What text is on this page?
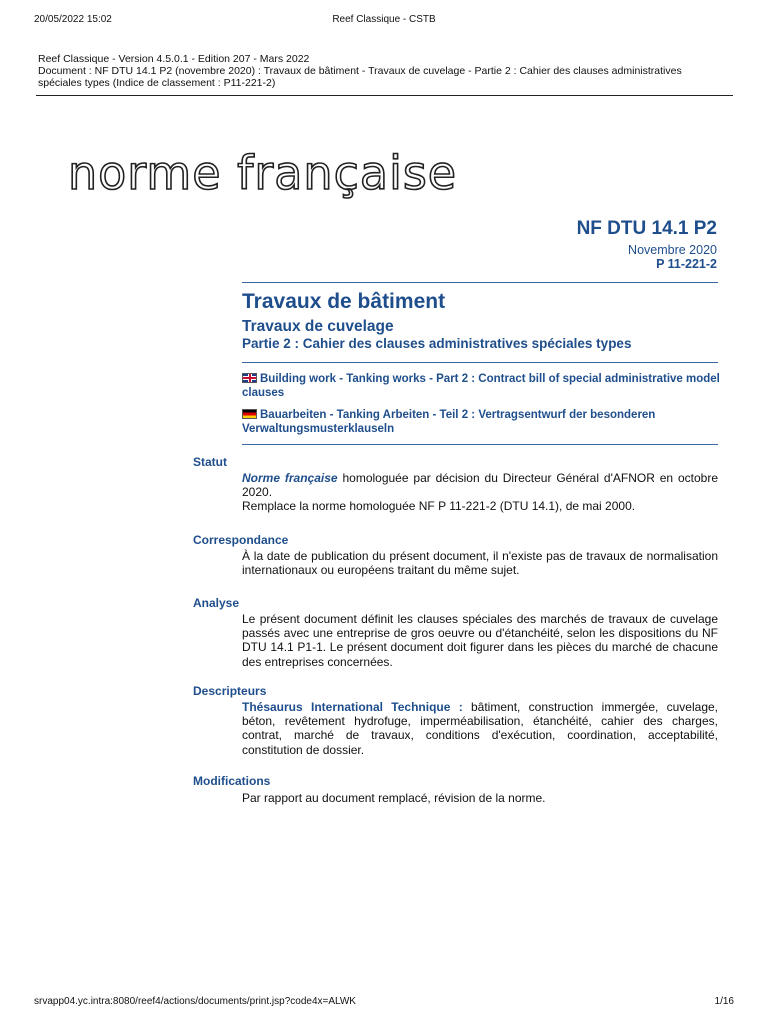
20/05/2022 15:02	Reef Classique - CSTB
Reef Classique - Version 4.5.0.1 - Edition 207 - Mars 2022
Document : NF DTU 14.1 P2 (novembre 2020) : Travaux de bâtiment - Travaux de cuvelage - Partie 2 : Cahier des clauses administratives
spéciales types (Indice de classement : P11-221-2)
norme française
NF DTU 14.1 P2
Novembre 2020
P 11-221-2
Travaux de bâtiment
Travaux de cuvelage
Partie 2 : Cahier des clauses administratives spéciales types
Building work - Tanking works - Part 2 : Contract bill of special administrative model clauses
Bauarbeiten - Tanking Arbeiten - Teil 2 : Vertragsentwurf der besonderen Verwaltungsmusterklauseln
Statut
Norme française homologuée par décision du Directeur Général d'AFNOR en octobre 2020.
Remplace la norme homologuée NF P 11-221-2 (DTU 14.1), de mai 2000.
Correspondance
À la date de publication du présent document, il n'existe pas de travaux de normalisation internationaux ou européens traitant du même sujet.
Analyse
Le présent document définit les clauses spéciales des marchés de travaux de cuvelage passés avec une entreprise de gros oeuvre ou d'étanchéité, selon les dispositions du NF DTU 14.1 P1-1. Le présent document doit figurer dans les pièces du marché de chacune des entreprises concernées.
Descripteurs
Thésaurus International Technique : bâtiment, construction immergée, cuvelage, béton, revêtement hydrofuge, imperméabilisation, étanchéité, cahier des charges, contrat, marché de travaux, conditions d'exécution, coordination, acceptabilité, constitution de dossier.
Modifications
Par rapport au document remplacé, révision de la norme.
srvapp04.yc.intra:8080/reef4/actions/documents/print.jsp?code4x=ALWK	1/16
